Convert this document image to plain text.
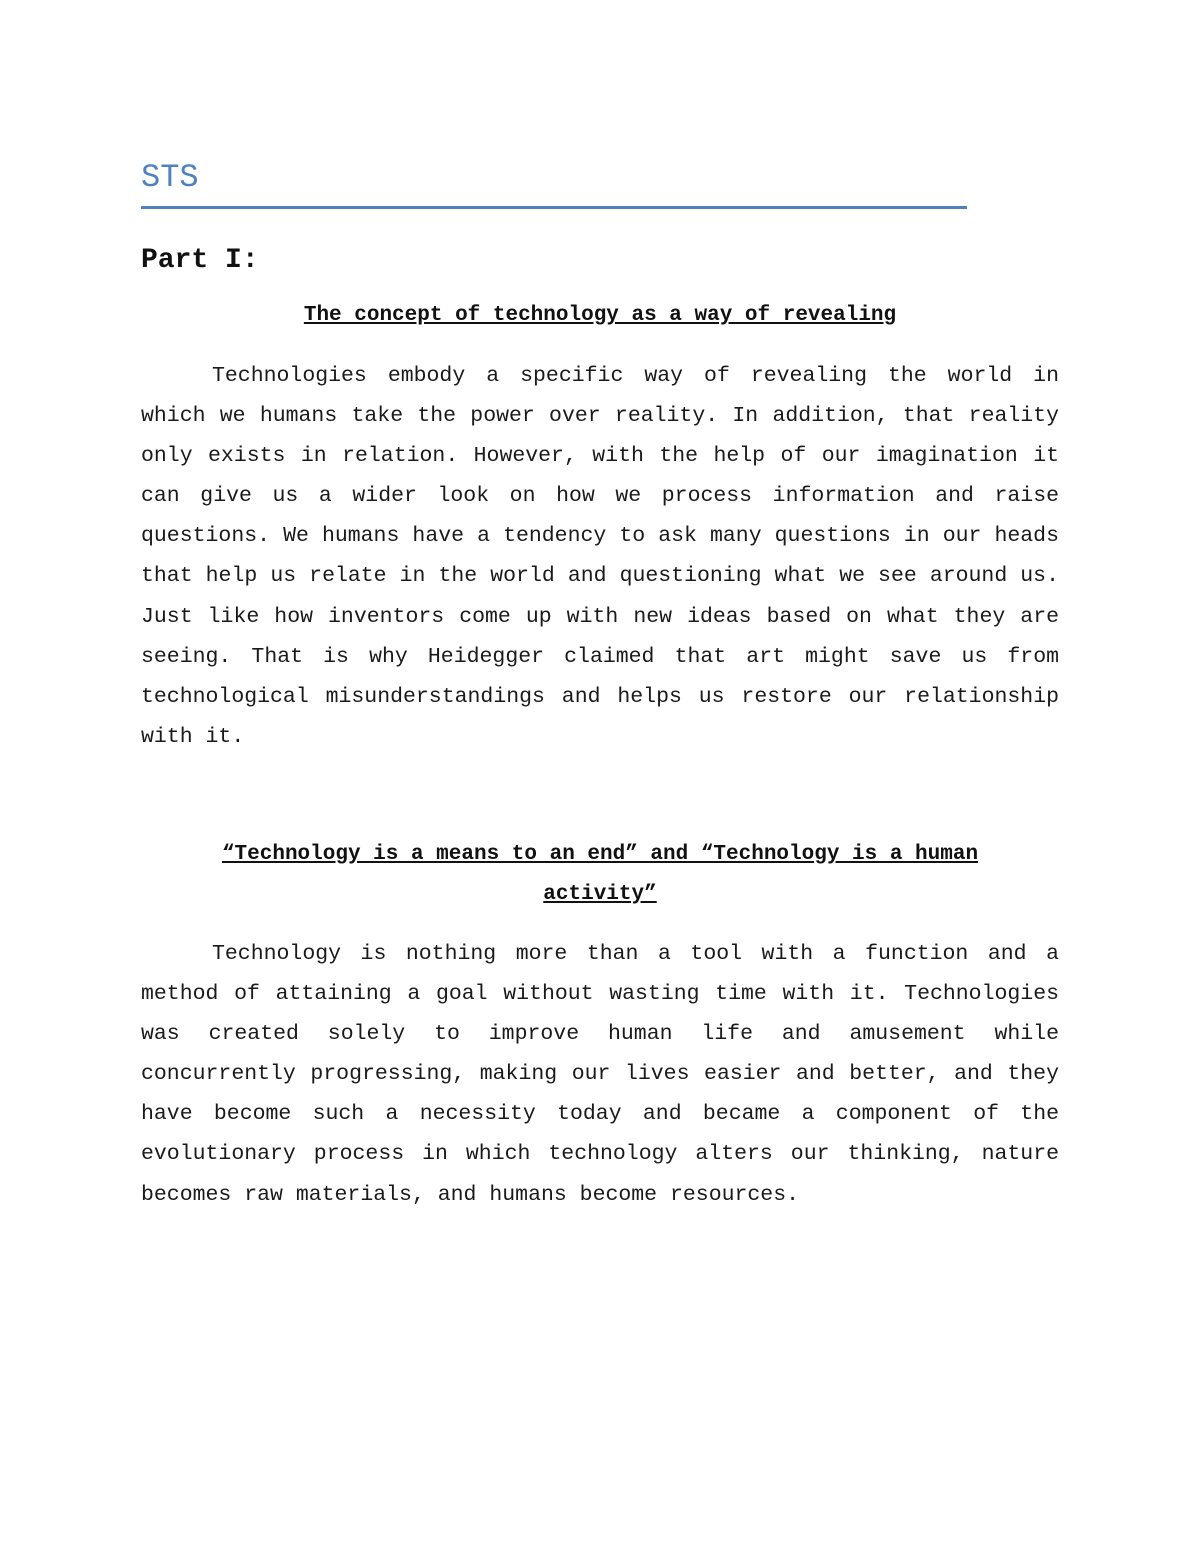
STS
Part I:
The concept of technology as a way of revealing
Technologies embody a specific way of revealing the world in which we humans take the power over reality. In addition, that reality only exists in relation. However, with the help of our imagination it can give us a wider look on how we process information and raise questions. We humans have a tendency to ask many questions in our heads that help us relate in the world and questioning what we see around us. Just like how inventors come up with new ideas based on what they are seeing. That is why Heidegger claimed that art might save us from technological misunderstandings and helps us restore our relationship with it.
“Technology is a means to an end” and “Technology is a human activity”
Technology is nothing more than a tool with a function and a method of attaining a goal without wasting time with it. Technologies was created solely to improve human life and amusement while concurrently progressing, making our lives easier and better, and they have become such a necessity today and became a component of the evolutionary process in which technology alters our thinking, nature becomes raw materials, and humans become resources.
